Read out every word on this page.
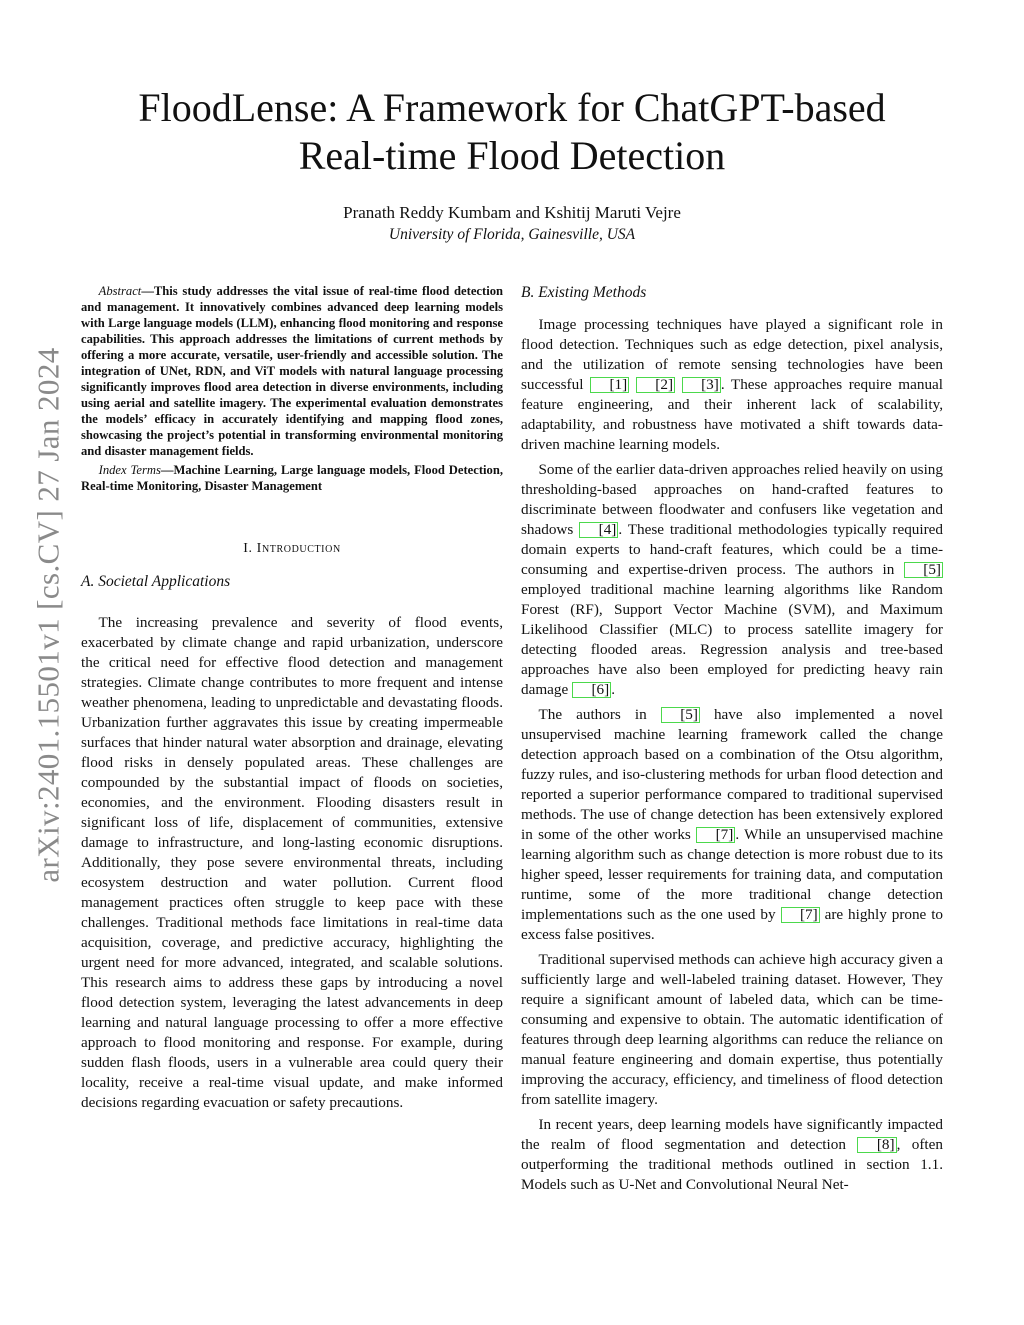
arXiv:2401.15501v1 [cs.CV] 27 Jan 2024
FloodLense: A Framework for ChatGPT-based
Real-time Flood Detection
Pranath Reddy Kumbam and Kshitij Maruti Vejre
University of Florida, Gainesville, USA

Abstract—This study addresses the vital issue of real-time flood detection and management. It innovatively combines advanced deep learning models with Large language models (LLM), enhancing flood monitoring and response capabilities. This approach addresses the limitations of current methods by offering a more accurate, versatile, user-friendly and accessible solution. The integration of UNet, RDN, and ViT models with natural language processing significantly improves flood area detection in diverse environments, including using aerial and satellite imagery. The experimental evaluation demonstrates the models’ efficacy in accurately identifying and mapping flood zones, showcasing the project’s potential in transforming environmental monitoring and disaster management fields.

Index Terms—Machine Learning, Large language models, Flood Detection, Real-time Monitoring, Disaster Management

I. Introduction
A. Societal Applications

The increasing prevalence and severity of flood events, exacerbated by climate change and rapid urbanization, underscore the critical need for effective flood detection and management strategies. Climate change contributes to more frequent and intense weather phenomena, leading to unpredictable and devastating floods. Urbanization further aggravates this issue by creating impermeable surfaces that hinder natural water absorption and drainage, elevating flood risks in densely populated areas. These challenges are compounded by the substantial impact of floods on societies, economies, and the environment. Flooding disasters result in significant loss of life, displacement of communities, extensive damage to infrastructure, and long-lasting economic disruptions. Additionally, they pose severe environmental threats, including ecosystem destruction and water pollution. Current flood management practices often struggle to keep pace with these challenges. Traditional methods face limitations in real-time data acquisition, coverage, and predictive accuracy, highlighting the urgent need for more advanced, integrated, and scalable solutions. This research aims to address these gaps by introducing a novel flood detection system, leveraging the latest advancements in deep learning and natural language processing to offer a more effective approach to flood monitoring and response. For example, during sudden flash floods, users in a vulnerable area could query their locality, receive a real-time visual update, and make informed decisions regarding evacuation or safety precautions.

B. Existing Methods

Image processing techniques have played a significant role in flood detection. Techniques such as edge detection, pixel analysis, and the utilization of remote sensing technologies have been successful [1] [2] [3] . These approaches require manual feature engineering, and their inherent lack of scalability, adaptability, and robustness have motivated a shift towards data-driven machine learning models.

Some of the earlier data-driven approaches relied heavily on using thresholding-based approaches on hand-crafted features to discriminate between floodwater and confusers like vegetation and shadows [4] . These traditional methodologies typically required domain experts to hand-craft features, which could be a time-consuming and expertise-driven process. The authors in [5] employed traditional machine learning algorithms like Random Forest (RF), Support Vector Machine (SVM), and Maximum Likelihood Classifier (MLC) to process satellite imagery for detecting flooded areas. Regression analysis and tree-based approaches have also been employed for predicting heavy rain damage [6] .

The authors in [5] have also implemented a novel unsupervised machine learning framework called the change detection approach based on a combination of the Otsu algorithm, fuzzy rules, and iso-clustering methods for urban flood detection and reported a superior performance compared to traditional supervised methods. The use of change detection has been extensively explored in some of the other works [7] . While an unsupervised machine learning algorithm such as change detection is more robust due to its higher speed, lesser requirements for training data, and computation runtime, some of the more traditional change detection implementations such as the one used by [7] are highly prone to excess false positives.

Traditional supervised methods can achieve high accuracy given a sufficiently large and well-labeled training dataset. However, They require a significant amount of labeled data, which can be time-consuming and expensive to obtain. The automatic identification of features through deep learning algorithms can reduce the reliance on manual feature engineering and domain expertise, thus potentially improving the accuracy, efficiency, and timeliness of flood detection from satellite imagery.

In recent years, deep learning models have significantly impacted the realm of flood segmentation and detection [8] , often outperforming the traditional methods outlined in section 1.1. Models such as U-Net and Convolutional Neural Net-
